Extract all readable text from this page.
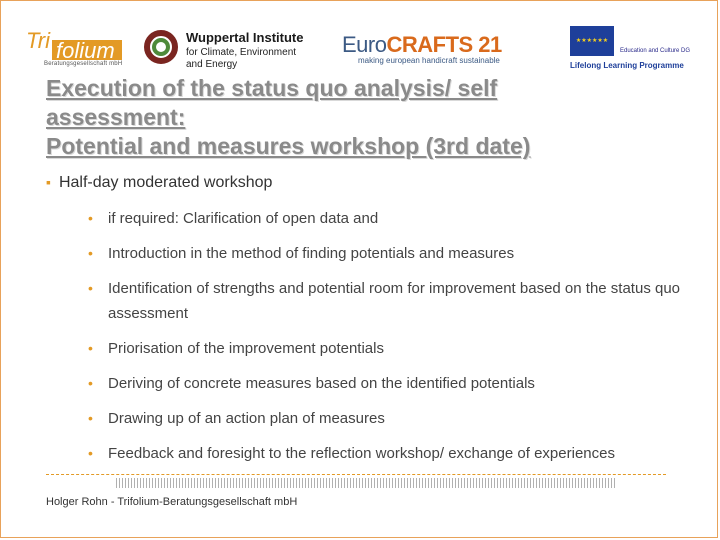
Tri folium
Beratungsgesellschaft mbH
Wuppertal Institute
for Climate, Environment
and Energy
EuroCRAFTS 21
making european handicraft sustainable
★★★★★★
Education and Culture DG
Lifelong Learning Programme
Execution of the status quo analysis/ self
assessment:
Potential and measures workshop (3rd date)
▪ Half-day moderated workshop
• if required: Clarification of open data and
• Introduction in the method of finding potentials and measures
• Identification of strengths and potential room for improvement based on the status quo assessment
• Priorisation of the improvement potentials
• Deriving of concrete measures based on the identified potentials
• Drawing up of an action plan of measures
• Feedback and foresight to the reflection workshop/ exchange of experiences
Holger Rohn - Trifolium-Beratungsgesellschaft mbH
